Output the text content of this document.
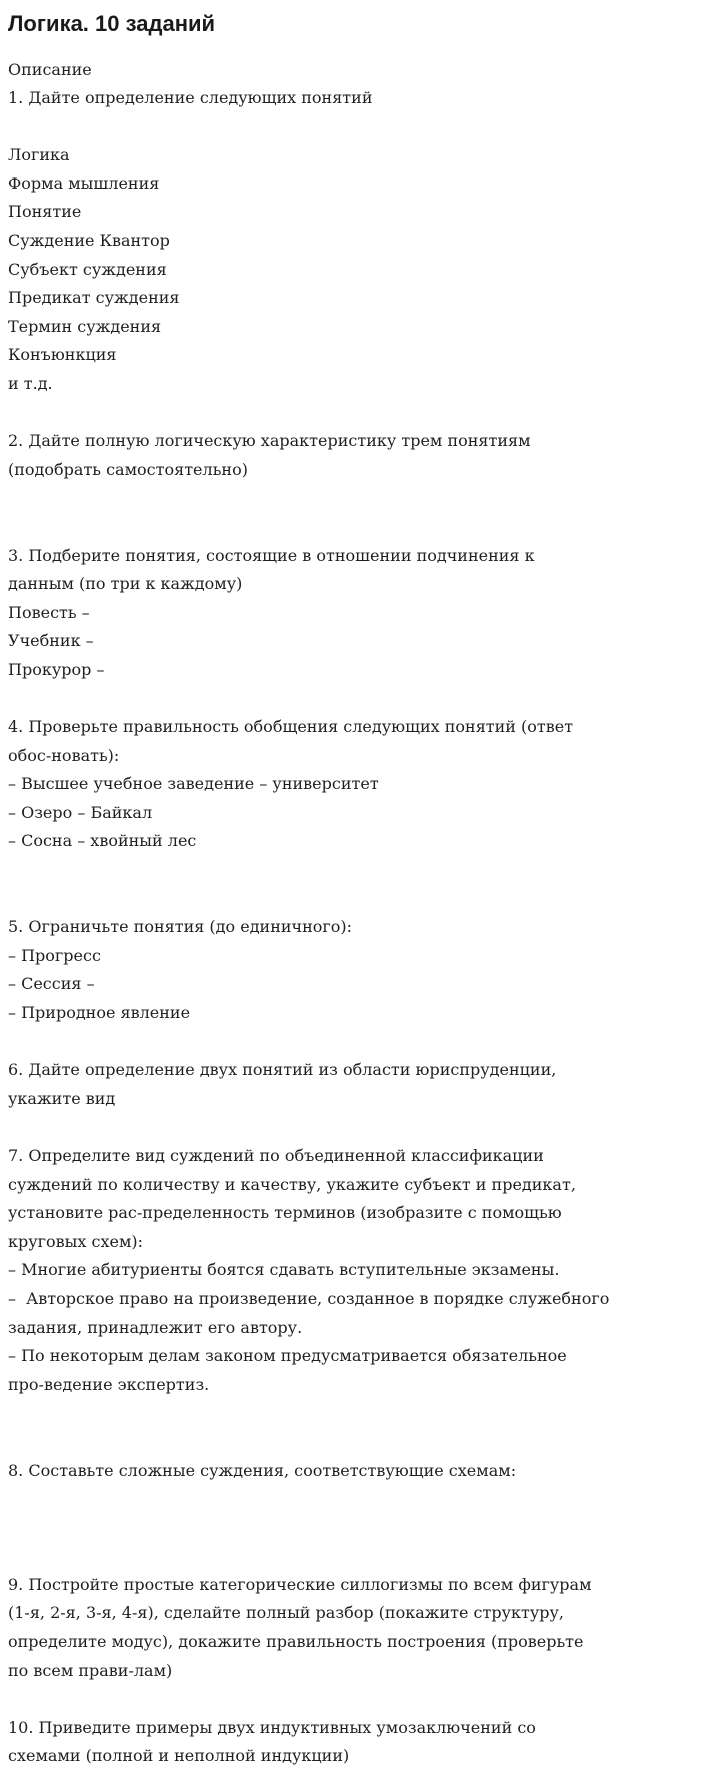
Логика. 10 заданий

Описание

1. Дайте определение следующих понятий

Логика

Форма мышления

Понятие

Суждение Квантор

Субъект суждения

Предикат суждения

Термин суждения

Конъюнкция

и т.д.

2. Дайте полную логическую характеристику трем понятиям

(подобрать самостоятельно)

3. Подберите понятия, состоящие в отношении подчинения к

данным (по три к каждому)

Повесть –

Учебник –

Прокурор –

4. Проверьте правильность обобщения следующих понятий (ответ

обос-новать):

– Высшее учебное заведение – университет

– Озеро – Байкал

– Сосна – хвойный лес

5. Ограничьте понятия (до единичного):

– Прогресс

– Сессия –

– Природное явление

6. Дайте определение двух понятий из области юриспруденции,

укажите вид

7. Определите вид суждений по объединенной классификации

суждений по количеству и качеству, укажите субъект и предикат,

установите рас-пределенность терминов (изобразите с помощью

круговых схем):

– Многие абитуриенты боятся сдавать вступительные экзамены.

–  Авторское право на произведение, созданное в порядке служебного

задания, принадлежит его автору.

– По некоторым делам законом предусматривается обязательное

про-ведение экспертиз.

8. Составьте сложные суждения, соответствующие схемам:

9. Постройте простые категорические силлогизмы по всем фигурам

(1-я, 2-я, 3-я, 4-я), сделайте полный разбор (покажите структуру,

определите модус), докажите правильность построения (проверьте

по всем прави-лам)

10. Приведите примеры двух индуктивных умозаключений со

схемами (полной и неполной индукции)
